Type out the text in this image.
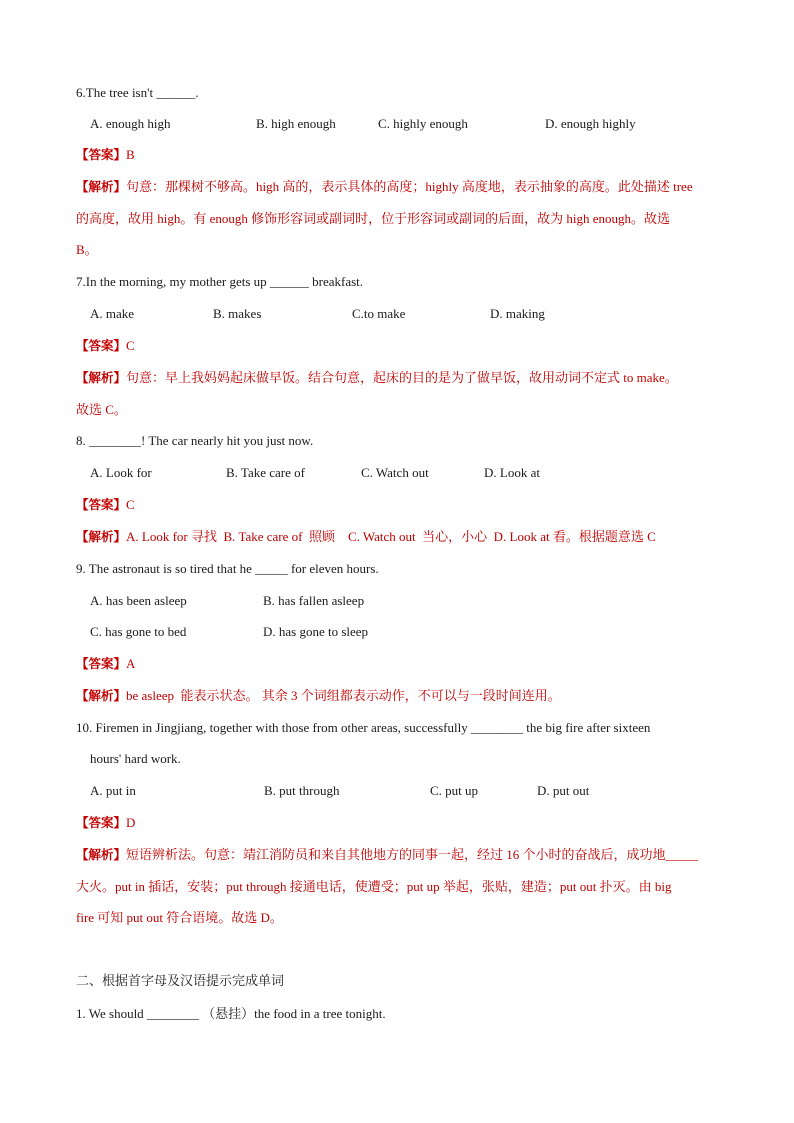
6.The tree isn't ______.
A. enough high	B. high enough	C. highly enough	D. enough highly
【答案】B
【解析】句意：那棵树不够高。high 高的，表示具体的高度；highly 高度地，表示抽象的高度。此处描述 tree
的高度，故用 high。有 enough 修饰形容词或副词时，位于形容词或副词的后面，故为 high enough。故选
B。
7.In the morning, my mother gets up ______ breakfast.
A. make	B. makes	C.to make	D. making
【答案】C
【解析】句意：早上我妈妈起床做早饭。结合句意，起床的目的是为了做早饭，故用动词不定式 to make。
故选 C。
8. ________! The car nearly hit you just now.
A. Look for	B. Take care of	C. Watch out	D. Look at
【答案】C
【解析】A. Look for 寻找  B. Take care of  照顾    C. Watch out  当心，小心  D. Look at 看。根据题意选 C
9. The astronaut is so tired that he _____ for eleven hours.
A. has been asleep	B. has fallen asleep
C. has gone to bed	D. has gone to sleep
【答案】A
【解析】be asleep  能表示状态。 其余 3 个词组都表示动作，不可以与一段时间连用。
10. Firemen in Jingjiang, together with those from other areas, successfully ________ the big fire after sixteen
hours' hard work.
A. put in	B. put through	C. put up	D. put out
【答案】D
【解析】短语辨析法。句意：靖江消防员和来自其他地方的同事一起，经过 16 个小时的奋战后，成功地_____
大火。put in 插话，安装；put through 接通电话，使遭受；put up 举起，张贴，建造；put out 扑灭。由 big
fire 可知 put out 符合语境。故选 D。
二、根据首字母及汉语提示完成单词
1. We should ________ （悬挂）the food in a tree tonight.
